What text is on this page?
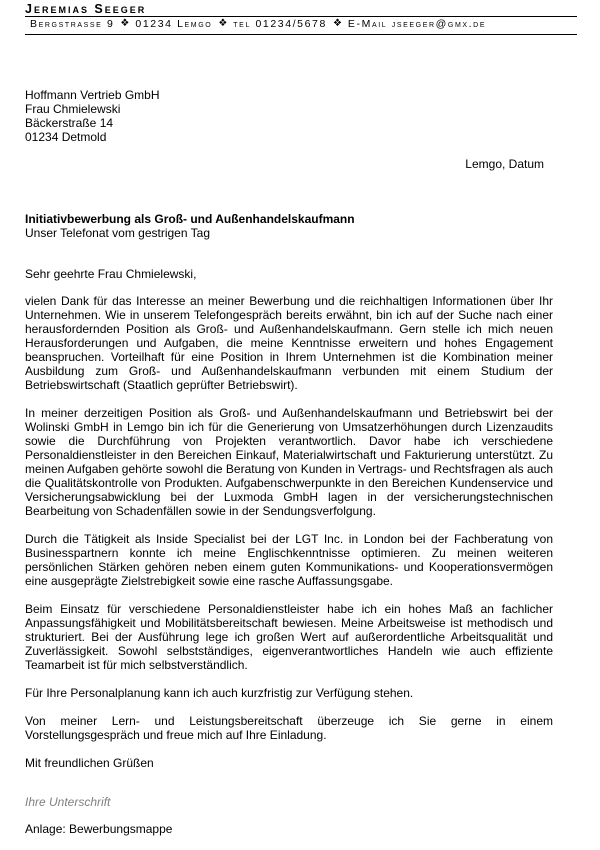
Jeremias Seeger
Bergstrasse 9 ❖ 01234 Lemgo ❖ tel 01234/5678 ❖ E-Mail jseeger@gmx.de
Hoffmann Vertrieb GmbH
Frau Chmielewski
Bäckerstraße 14
01234 Detmold
Lemgo, Datum
Initiativbewerbung als Groß- und Außenhandelskaufmann
Unser Telefonat vom gestrigen Tag
Sehr geehrte Frau Chmielewski,

vielen Dank für das Interesse an meiner Bewerbung und die reichhaltigen Informationen über Ihr Unternehmen. Wie in unserem Telefongespräch bereits erwähnt, bin ich auf der Suche nach einer herausfordernden Position als Groß- und Außenhandelskaufmann. Gern stelle ich mich neuen Herausforderungen und Aufgaben, die meine Kenntnisse erweitern und hohes Engagement beanspruchen. Vorteilhaft für eine Position in Ihrem Unternehmen ist die Kombination meiner Ausbildung zum Groß- und Außenhandelskaufmann verbunden mit einem Studium der Betriebswirtschaft (Staatlich geprüfter Betriebswirt).

In meiner derzeitigen Position als Groß- und Außenhandelskaufmann und Betriebswirt bei der Wolinski GmbH in Lemgo bin ich für die Generierung von Umsatzerhöhungen durch Lizenzaudits sowie die Durchführung von Projekten verantwortlich. Davor habe ich verschiedene Personaldienstleister in den Bereichen Einkauf, Materialwirtschaft und Fakturierung unterstützt. Zu meinen Aufgaben gehörte sowohl die Beratung von Kunden in Vertrags- und Rechtsfragen als auch die Qualitätskontrolle von Produkten. Aufgabenschwerpunkte in den Bereichen Kundenservice und Versicherungsabwicklung bei der Luxmoda GmbH lagen in der versicherungstechnischen Bearbeitung von Schadenfällen sowie in der Sendungsverfolgung.

Durch die Tätigkeit als Inside Specialist bei der LGT Inc. in London bei der Fachberatung von Businesspartnern konnte ich meine Englischkenntnisse optimieren. Zu meinen weiteren persönlichen Stärken gehören neben einem guten Kommunikations- und Kooperationsvermögen eine ausgeprägte Zielstrebigkeit sowie eine rasche Auffassungsgabe.

Beim Einsatz für verschiedene Personaldienstleister habe ich ein hohes Maß an fachlicher Anpassungsfähigkeit und Mobilitätsbereitschaft bewiesen. Meine Arbeitsweise ist methodisch und strukturiert. Bei der Ausführung lege ich großen Wert auf außerordentliche Arbeitsqualität und Zuverlässigkeit. Sowohl selbstständiges, eigenverantwortliches Handeln wie auch effiziente Teamarbeit ist für mich selbstverständlich.

Für Ihre Personalplanung kann ich auch kurzfristig zur Verfügung stehen.

Von meiner Lern- und Leistungsbereitschaft überzeuge ich Sie gerne in einem Vorstellungsgespräch und freue mich auf Ihre Einladung.

Mit freundlichen Grüßen
Ihre Unterschrift
Anlage: Bewerbungsmappe
